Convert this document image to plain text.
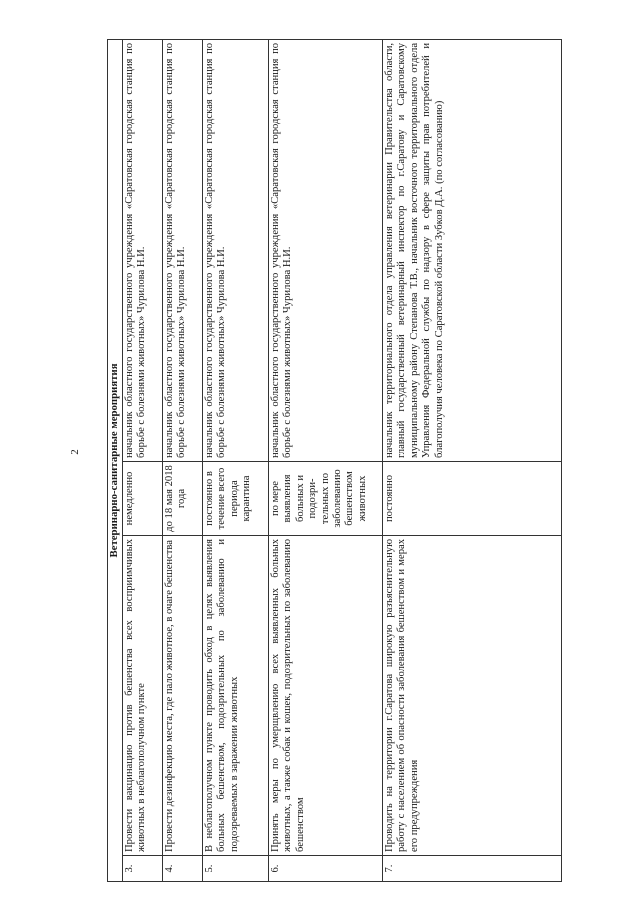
2	Ветеринарно-санитарные мероприятия			
3.	Провести вакцинацию против бешенства всех восприимчивых животных в неблагополучном пункте	немедленно	начальник областного государственного учреждения «Саратовская городская станция по борьбе с болезнями животных» Чурилова Н.И.
4.	Провести дезинфекцию места, где пало животное, в очаге бешенства	до 18 мая 2018 года	начальник областного государственного учреждения «Саратовская городская станция по борьбе с болезнями животных» Чурилова Н.И.
5.	В неблагополучном пункте проводить обход в целях выявления больных бешенством, подозрительных по заболеванию и подозреваемых в заражении животных	постоянно в течение всего периода карантина	начальник областного государственного учреждения «Саратовская городская станция по борьбе с болезнями животных» Чурилова Н.И.
6.	Принять меры по умерщвлению всех выявленных больных животных, а также собак и кошек, подозрительных по заболеванию бешенством	по мере выявления больных и подозри-тельных по заболеванию бешенством животных	начальник областного государственного учреждения «Саратовская городская станция по борьбе с болезнями животных» Чурилова Н.И.
7.	Проводить на территории г.Саратова широкую разъяснительную работу с населением об опасности заболевания бешенством и мерах его предупреждения	постоянно	начальник территориального отдела управления ветеринарии Правительства области, главный государственный ветеринарный инспектор по г.Саратову и Саратовскому муниципальному району Степанова Т.В., начальник восточного территориального отдела Управления Федеральной службы по надзору в сфере защиты прав потребителей и благополучия человека по Саратовской области Зубков Д.А. (по согласованию)
